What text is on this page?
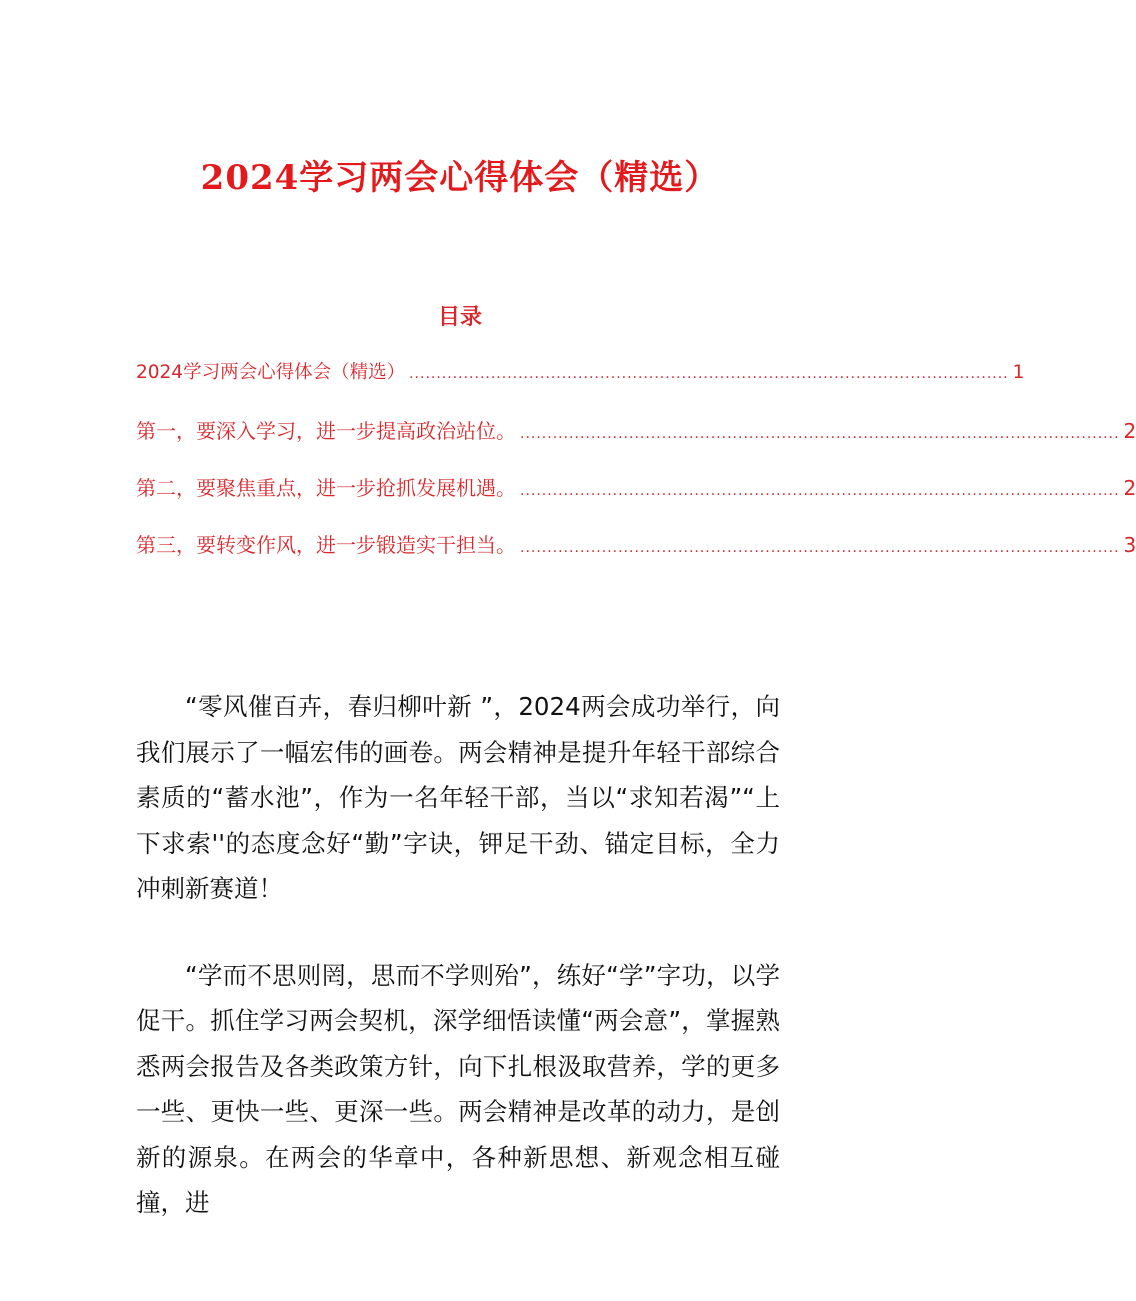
2024学习两会心得体会（精选）
目录
2024学习两会心得体会（精选） .............................................................................................................. 1
第一，要深入学习，进一步提高政治站位。 .............................................................................................................. 2
第二，要聚焦重点，进一步抢抓发展机遇。 .............................................................................................................. 2
第三，要转变作风，进一步锻造实干担当。 .............................................................................................................. 3

“零风催百卉，春归柳叶新 ”，2024两会成功举行，向我们展示了一幅宏伟的画卷。两会精神是提升年轻干部综合素质的“蓄水池”，作为一名年轻干部，当以“求知若渴”“上下求索''的态度念好“勤”字诀，钾足干劲、锚定目标，全力冲刺新赛道！

“学而不思则罔，思而不学则殆”，练好“学”字功，以学促干。抓住学习两会契机，深学细悟读懂“两会意”，掌握熟悉两会报告及各类政策方针，向下扎根汲取营养，学的更多一些、更快一些、更深一些。两会精神是改革的动力，是创新的源泉。在两会的华章中，各种新思想、新观念相互碰撞，进
